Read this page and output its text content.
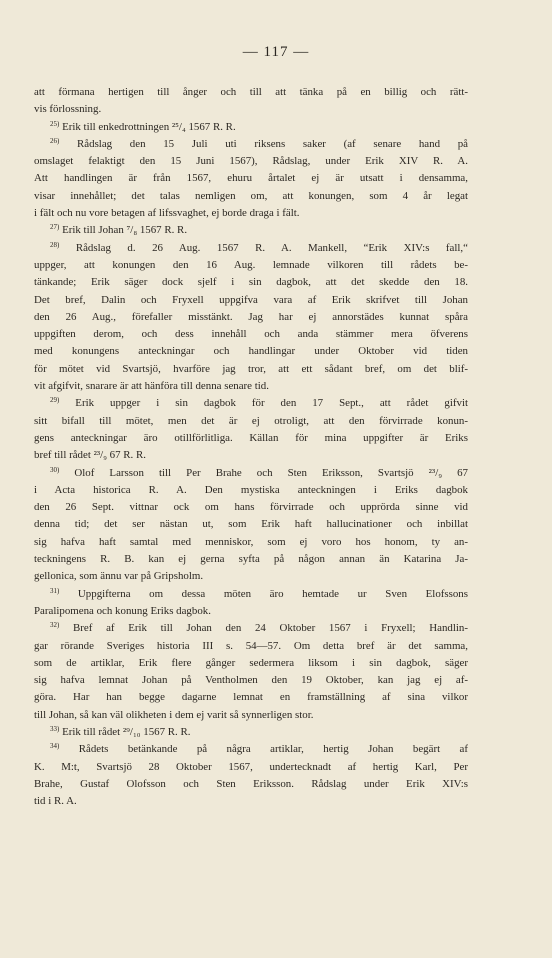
— 117 —
att förmana hertigen till ånger och till att tänka på en billig och rätt-
vis förlossning.
$^{25)}$ Erik till enkedrottningen ²⁵/₄ 1567 R. R.
$^{26)}$ Rådslag den 15 Juli uti riksens saker (af senare hand på
omslaget felaktigt den 15 Juni 1567), Rådslag, under Erik XIV R. A.
Att handlingen är från 1567, ehuru årtalet ej är utsatt i densamma,
visar innehållet; det talas nemligen om, att konungen, som 4 år legat
i fält och nu vore betagen af lifssvaghet, ej borde draga i fält.
$^{27)}$ Erik till Johan ⁷/₈ 1567 R. R.
$^{28)}$ Rådslag d. 26 Aug. 1567 R. A. Mankell, “Erik XIV:s fall,“
uppger, att konungen den 16 Aug. lemnade vilkoren till rådets be-
tänkande; Erik säger dock sjelf i sin dagbok, att det skedde den 18.
Det bref, Dalin och Fryxell uppgifva vara af Erik skrifvet till Johan
den 26 Aug., förefaller misstänkt. Jag har ej annorstädes kunnat spåra
uppgiften derom, och dess innehåll och anda stämmer mera öfverens
med konungens anteckningar och handlingar under Oktober vid tiden
för mötet vid Svartsjö, hvarföre jag tror, att ett sådant bref, om det blif-
vit afgifvit, snarare är att hänföra till denna senare tid.
$^{29)}$ Erik uppger i sin dagbok för den 17 Sept., att rådet gifvit
sitt bifall till mötet, men det är ej otroligt, att den förvirrade konun-
gens anteckningar äro otillförlitliga. Källan för mina uppgifter är Eriks
bref till rådet ²³/₉ 67 R. R.
$^{30)}$ Olof Larsson till Per Brahe och Sten Eriksson, Svartsjö ²³/₉ 67
i Acta historica R. A. Den mystiska anteckningen i Eriks dagbok
den 26 Sept. vittnar ock om hans förvirrade och upprörda sinne vid
denna tid; det ser nästan ut, som Erik haft hallucinationer och inbillat
sig hafva haft samtal med menniskor, som ej voro hos honom, ty an-
teckningens R. B. kan ej gerna syfta på någon annan än Katarina Ja-
gellonica, som ännu var på Gripsholm.
$^{31)}$ Uppgifterna om dessa möten äro hemtade ur Sven Elofssons
Paralipomena och konung Eriks dagbok.
$^{32)}$ Bref af Erik till Johan den 24 Oktober 1567 i Fryxell; Handlin-
gar rörande Sveriges historia III s. 54—57. Om detta bref är det samma,
som de artiklar, Erik flere gånger sedermera liksom i sin dagbok, säger
sig hafva lemnat Johan på Ventholmen den 19 Oktober, kan jag ej af-
göra. Har han begge dagarne lemnat en framställning af sina vilkor
till Johan, så kan väl olikheten i dem ej varit så synnerligen stor.
$^{33)}$ Erik till rådet ²⁹/₁₀ 1567 R. R.
$^{34)}$ Rådets betänkande på några artiklar, hertig Johan begärt af
K. M:t, Svartsjö 28 Oktober 1567, undertecknadt af hertig Karl, Per
Brahe, Gustaf Olofsson och Sten Eriksson. Rådslag under Erik XIV:s
tid i R. A.
